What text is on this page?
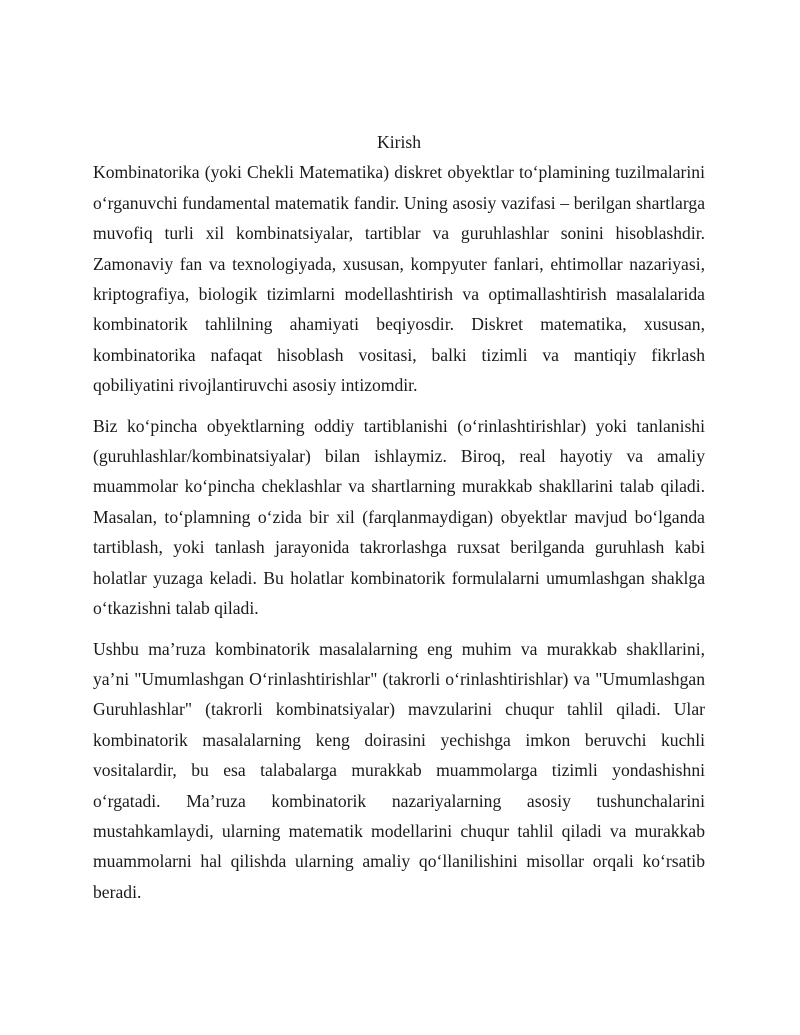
Kirish

Kombinatorika (yoki Chekli Matematika) diskret obyektlar to‘plamining tuzilmalarini o‘rganuvchi fundamental matematik fandir. Uning asosiy vazifasi – berilgan shartlarga muvofiq turli xil kombinatsiyalar, tartiblar va guruhlashlar sonini hisoblashdir. Zamonaviy fan va texnologiyada, xususan, kompyuter fanlari, ehtimollar nazariyasi, kriptografiya, biologik tizimlarni modellashtirish va optimallashtirish masalalarida kombinatorik tahlilning ahamiyati beqiyosdir. Diskret matematika, xususan, kombinatorika nafaqat hisoblash vositasi, balki tizimli va mantiqiy fikrlash qobiliyatini rivojlantiruvchi asosiy intizomdir.

Biz ko‘pincha obyektlarning oddiy tartiblanishi (o‘rinlashtirishlar) yoki tanlanishi (guruhlashlar/kombinatsiyalar) bilan ishlaymiz. Biroq, real hayotiy va amaliy muammolar ko‘pincha cheklashlar va shartlarning murakkab shakllarini talab qiladi. Masalan, to‘plamning o‘zida bir xil (farqlanmaydigan) obyektlar mavjud bo‘lganda tartiblash, yoki tanlash jarayonida takrorlashga ruxsat berilganda guruhlash kabi holatlar yuzaga keladi. Bu holatlar kombinatorik formulalarni umumlashgan shaklga o‘tkazishni talab qiladi.

Ushbu ma’ruza kombinatorik masalalarning eng muhim va murakkab shakllarini, ya’ni "Umumlashgan O‘rinlashtirishlar" (takrorli o‘rinlashtirishlar) va "Umumlashgan Guruhlashlar" (takrorli kombinatsiyalar) mavzularini chuqur tahlil qiladi. Ular kombinatorik masalalarning keng doirasini yechishga imkon beruvchi kuchli vositalardir, bu esa talabalarga murakkab muammolarga tizimli yondashishni o‘rgatadi. Ma’ruza kombinatorik nazariyalarning asosiy tushunchalarini mustahkamlaydi, ularning matematik modellarini chuqur tahlil qiladi va murakkab muammolarni hal qilishda ularning amaliy qo‘llanilishini misollar orqali ko‘rsatib beradi.
